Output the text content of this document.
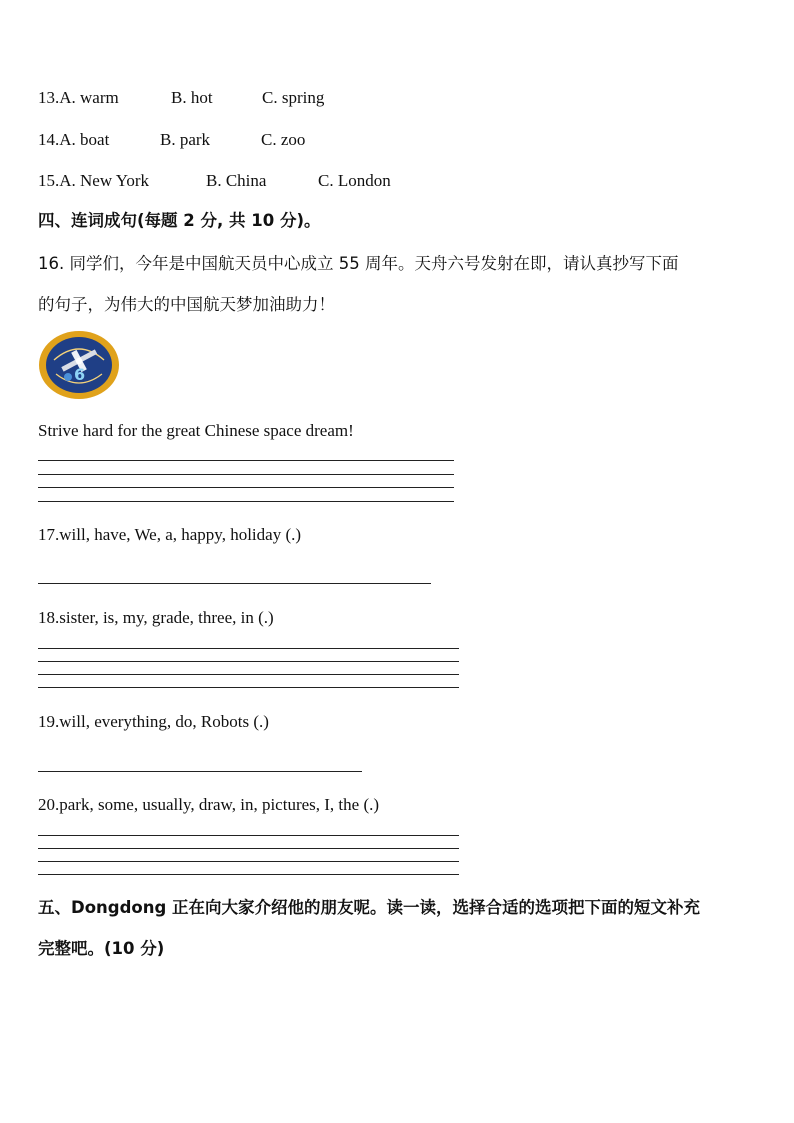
13.A. warm	B. hot	C. spring
14.A. boat	B. park	C. zoo
15.A. New York	B. China	C. London
四、连词成句(每题 2 分, 共 10 分)。
16. 同学们，今年是中国航天员中心成立 55 周年。天舟六号发射在即，请认真抄写下面
的句子，为伟大的中国航天梦加油助力！
6
Strive hard for the great Chinese space dream!
17.will, have, We, a, happy, holiday (.)
18.sister, is, my, grade, three, in (.)
19.will, everything, do, Robots (.)
20.park, some, usually, draw, in, pictures, I, the (.)
五、Dongdong 正在向大家介绍他的朋友呢。读一读，选择合适的选项把下面的短文补充
完整吧。(10 分)
